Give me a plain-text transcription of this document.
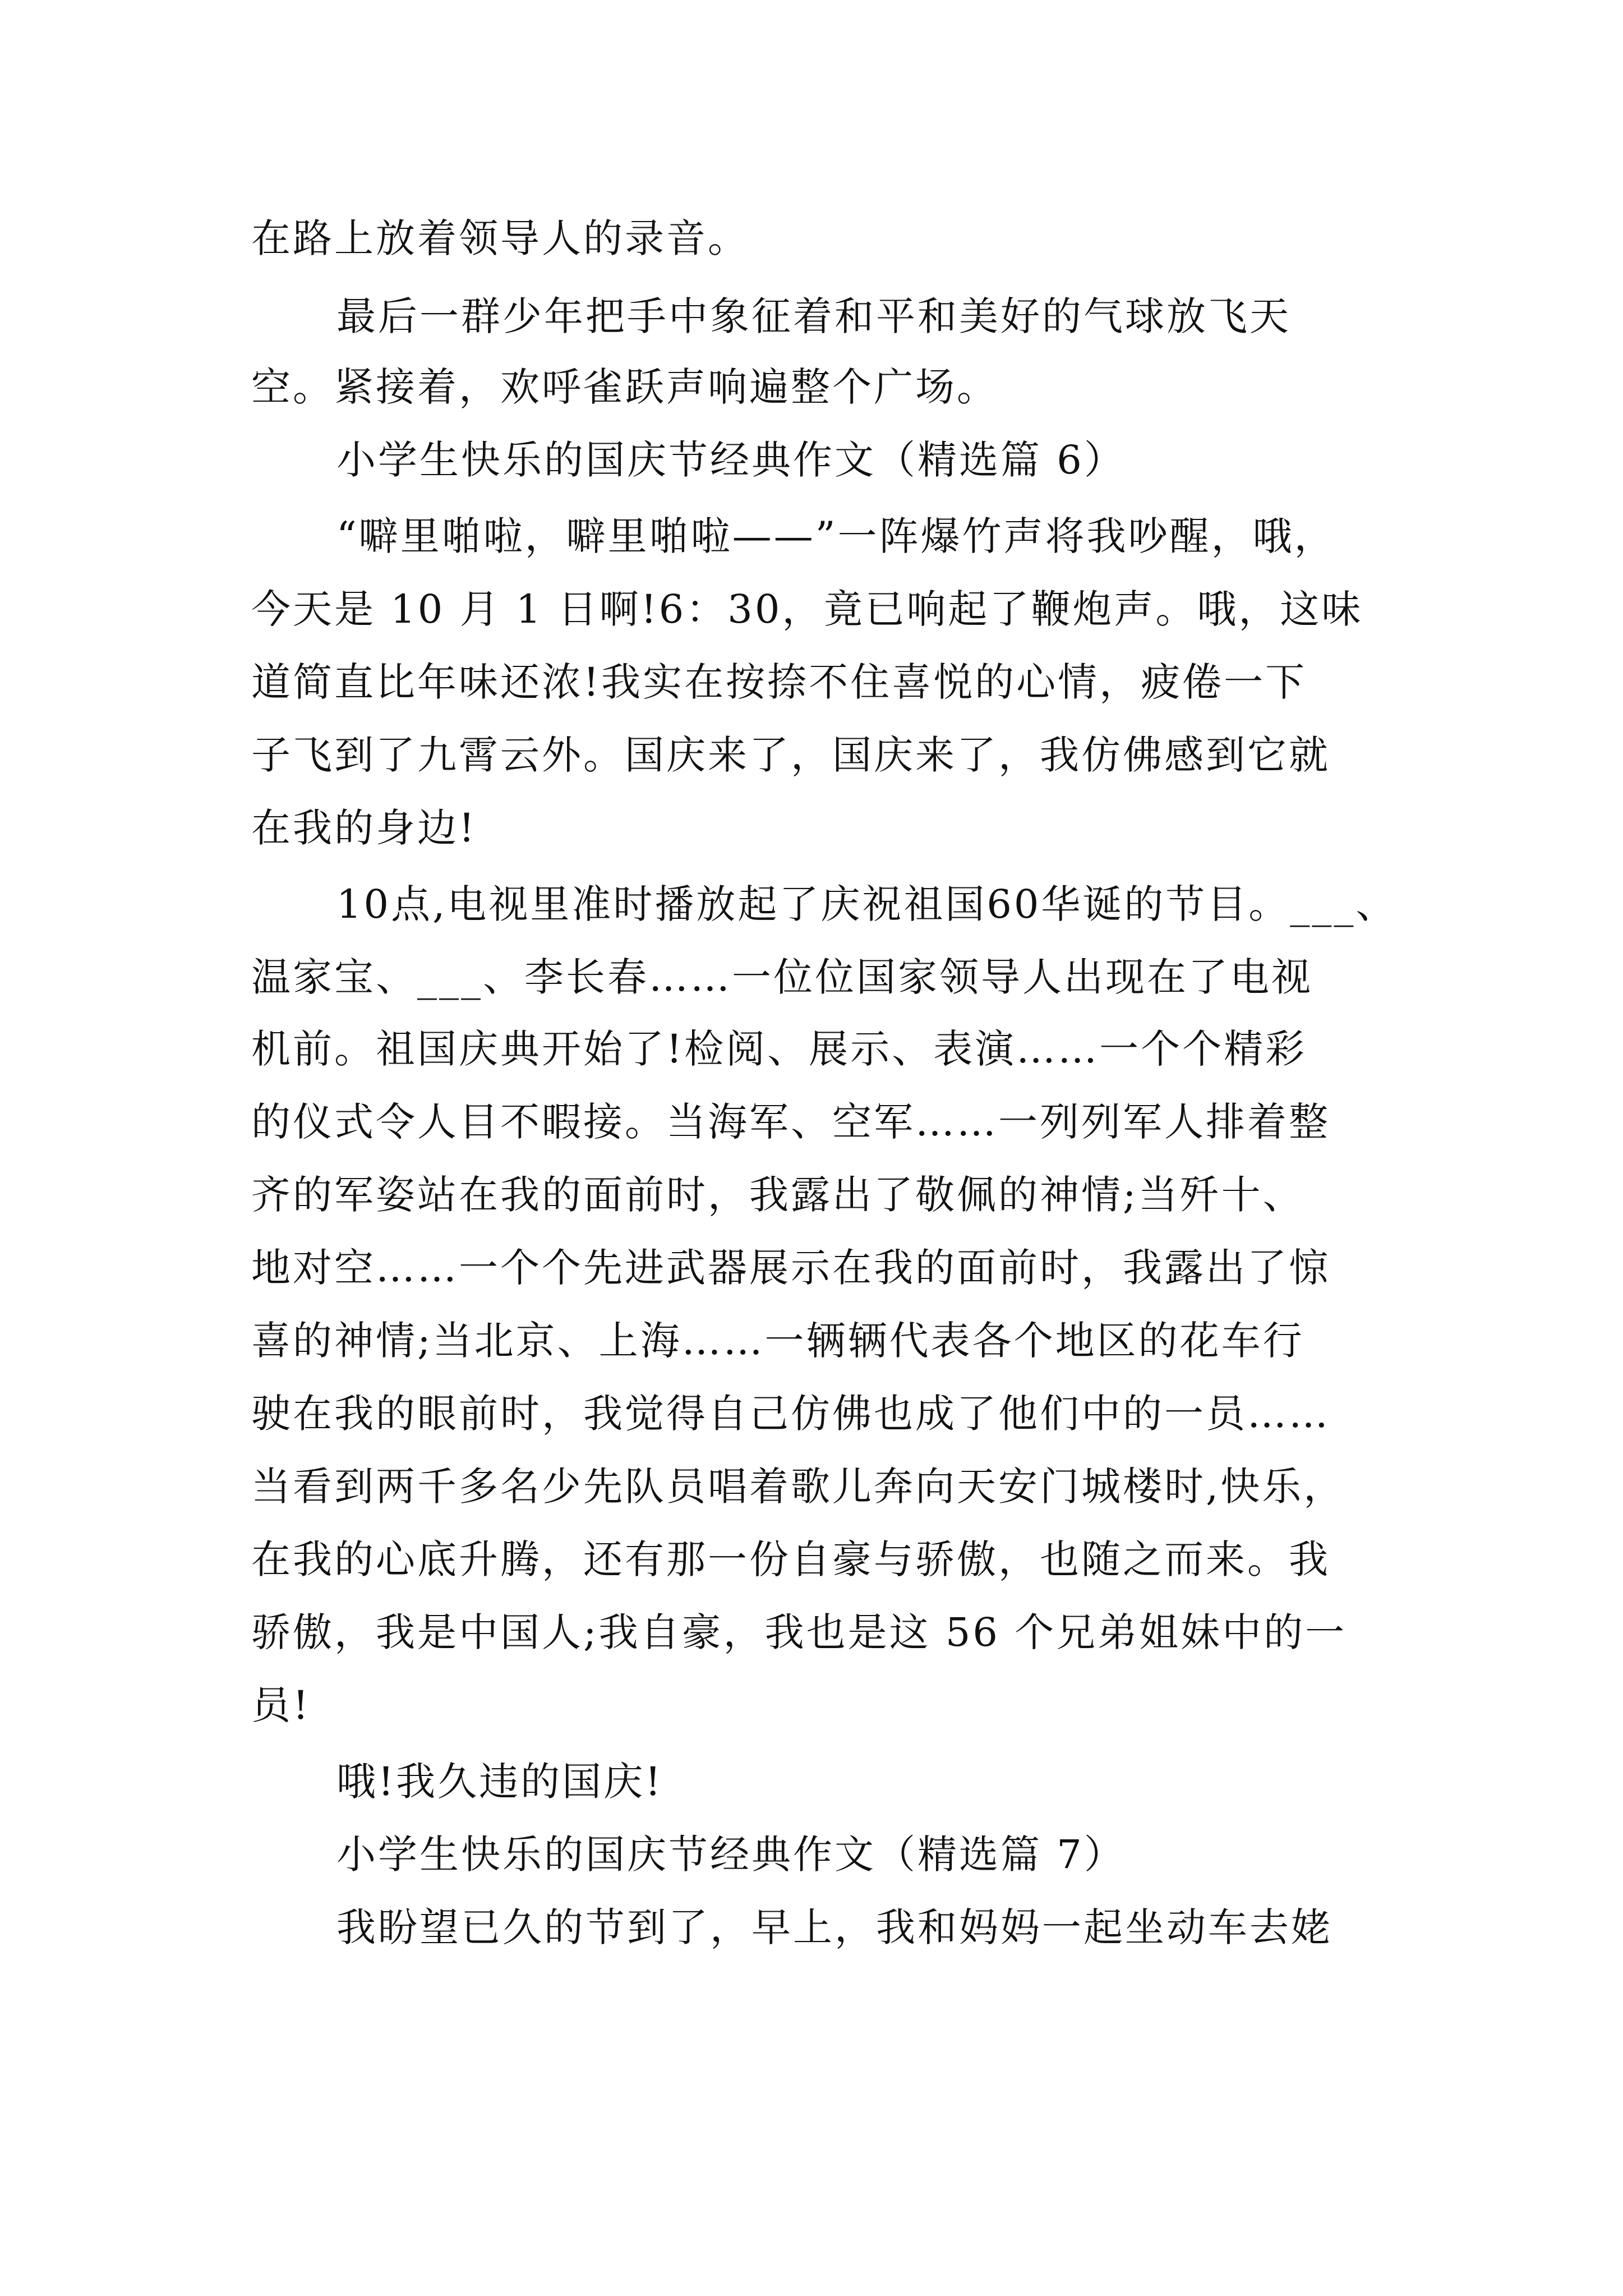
在路上放着领导人的录音。
最后一群少年把手中象征着和平和美好的气球放飞天
空。紧接着，欢呼雀跃声响遍整个广场。
小学生快乐的国庆节经典作文（精选篇 6）
“噼里啪啦，噼里啪啦——”一阵爆竹声将我吵醒，哦，
今天是 10 月 1 日啊!6：30，竟已响起了鞭炮声。哦，这味
道简直比年味还浓!我实在按捺不住喜悦的心情，疲倦一下
子飞到了九霄云外。国庆来了，国庆来了，我仿佛感到它就
在我的身边!
10点,电视里准时播放起了庆祝祖国60华诞的节目。___、
温家宝、___、李长春……一位位国家领导人出现在了电视
机前。祖国庆典开始了!检阅、展示、表演……一个个精彩
的仪式令人目不暇接。当海军、空军……一列列军人排着整
齐的军姿站在我的面前时，我露出了敬佩的神情;当歼十、
地对空……一个个先进武器展示在我的面前时，我露出了惊
喜的神情;当北京、上海……一辆辆代表各个地区的花车行
驶在我的眼前时，我觉得自己仿佛也成了他们中的一员……
当看到两千多名少先队员唱着歌儿奔向天安门城楼时,快乐，
在我的心底升腾，还有那一份自豪与骄傲，也随之而来。我
骄傲，我是中国人;我自豪，我也是这 56 个兄弟姐妹中的一
员!
哦!我久违的国庆!
小学生快乐的国庆节经典作文（精选篇 7）
我盼望已久的节到了，早上，我和妈妈一起坐动车去姥
